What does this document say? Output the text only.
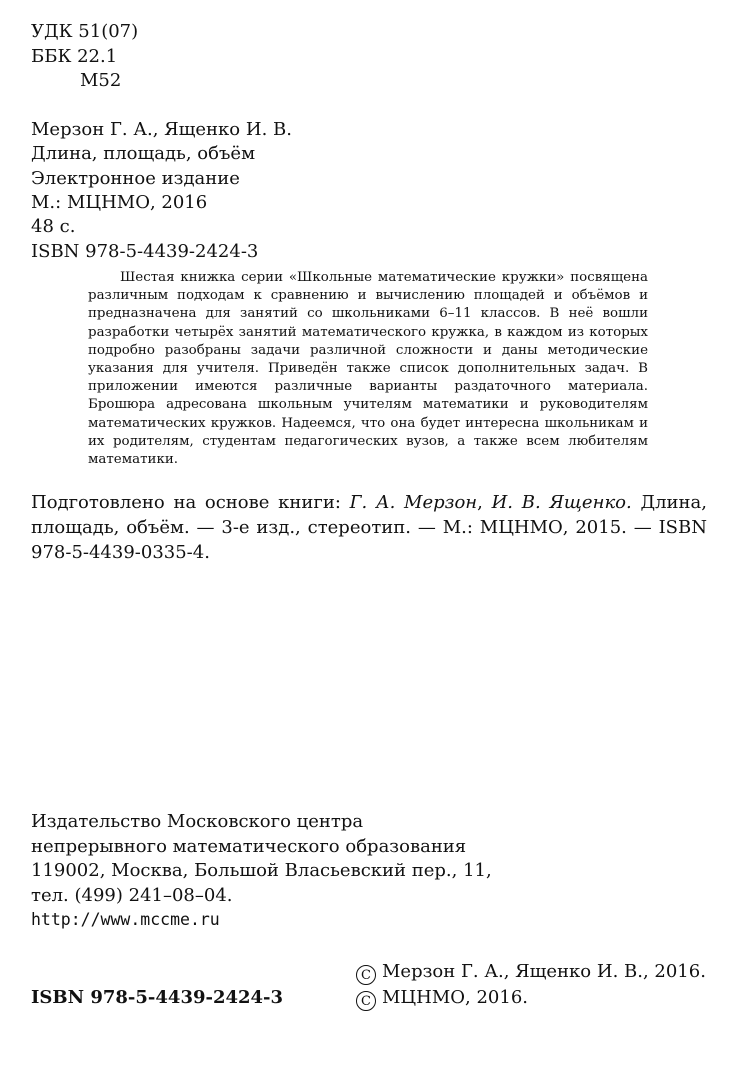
УДК 51(07)
ББК 22.1
М52
Мерзон Г. А., Ященко И. В.
Длина, площадь, объём
Электронное издание
М.: МЦНМО, 2016
48 с.
ISBN 978-5-4439-2424-3
Шестая книжка серии «Школьные математические кружки» посвящена различным подходам к сравнению и вычислению площадей и объёмов и предназначена для занятий со школьниками 6–11 классов. В неё вошли разработки четырёх занятий математического кружка, в каждом из которых подробно разобраны задачи различной сложности и даны методические указания для учителя. Приведён также список дополнительных задач. В приложении имеются различные варианты раздаточного материала. Брошюра адресована школьным учителям математики и руководителям математических кружков. Надеемся, что она будет интересна школьникам и их родителям, студентам педагогических вузов, а также всем любителям математики.
Подготовлено на основе книги: Г. А. Мерзон, И. В. Ященко. Длина, площадь, объём. — 3-е изд., стереотип. — М.: МЦНМО, 2015. — ISBN 978-5-4439-0335-4.
Издательство Московского центра
непрерывного математического образования
119002, Москва, Большой Власьевский пер., 11,
тел. (499) 241–08–04.
http://www.mccme.ru
ISBN 978-5-4439-2424-3
C Мерзон Г. А., Ященко И. В., 2016.
C МЦНМО, 2016.
